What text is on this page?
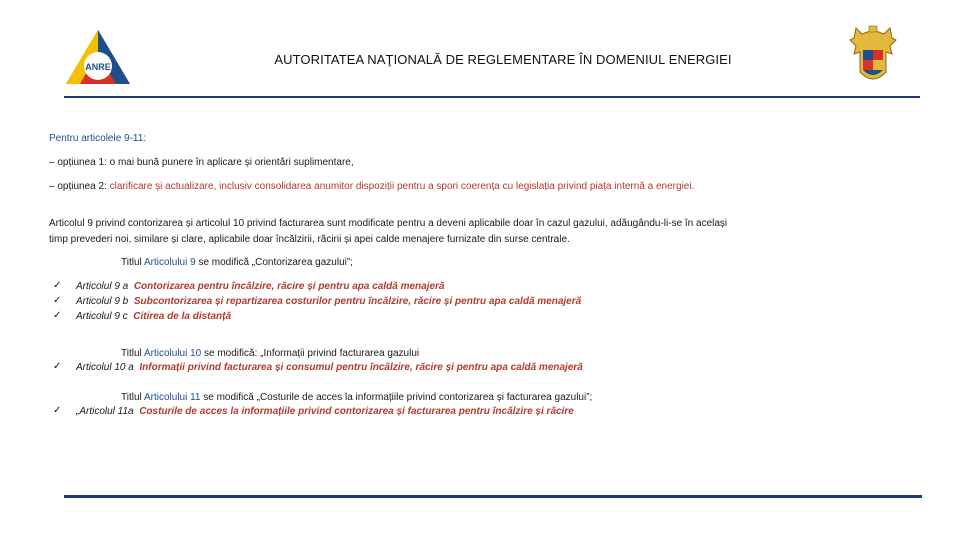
ANRE	AUTORITATEA NAŢIONALĂ DE REGLEMENTARE ÎN DOMENIUL ENERGIEI
Pentru articolele 9-11:
– opțiunea 1: o mai bună punere în aplicare și orientări suplimentare,
– opțiunea 2: clarificare și actualizare, inclusiv consolidarea anumitor dispoziții pentru a spori coerența cu legislația privind piața internă a energiei.
Articolul 9 privind contorizarea și articolul 10 privind facturarea sunt modificate pentru a deveni aplicabile doar în cazul gazului, adăugându-li-se în același
timp prevederi noi, similare și clare, aplicabile doar încălzirii, răcirii și apei calde menajere furnizate din surse centrale.
Titlul Articolului 9 se modifică „Contorizarea gazului”;
✓ Articolul 9 a Contorizarea pentru încălzire, răcire și pentru apa caldă menajeră
✓ Articolul 9 b Subcontorizarea și repartizarea costurilor pentru încălzire, răcire și pentru apa caldă menajeră
✓ Articolul 9 c Citirea de la distanță
Titlul Articolului 10 se modifică: „Informații privind facturarea gazului
✓ Articolul 10 a Informații privind facturarea și consumul pentru încălzire, răcire și pentru apa caldă menajeră
Titlul Articolului 11 se modifică „Costurile de acces la informațiile privind contorizarea și facturarea gazului”;
✓ „Articolul 11a Costurile de acces la informațiile privind contorizarea și facturarea pentru încălzire și răcire
